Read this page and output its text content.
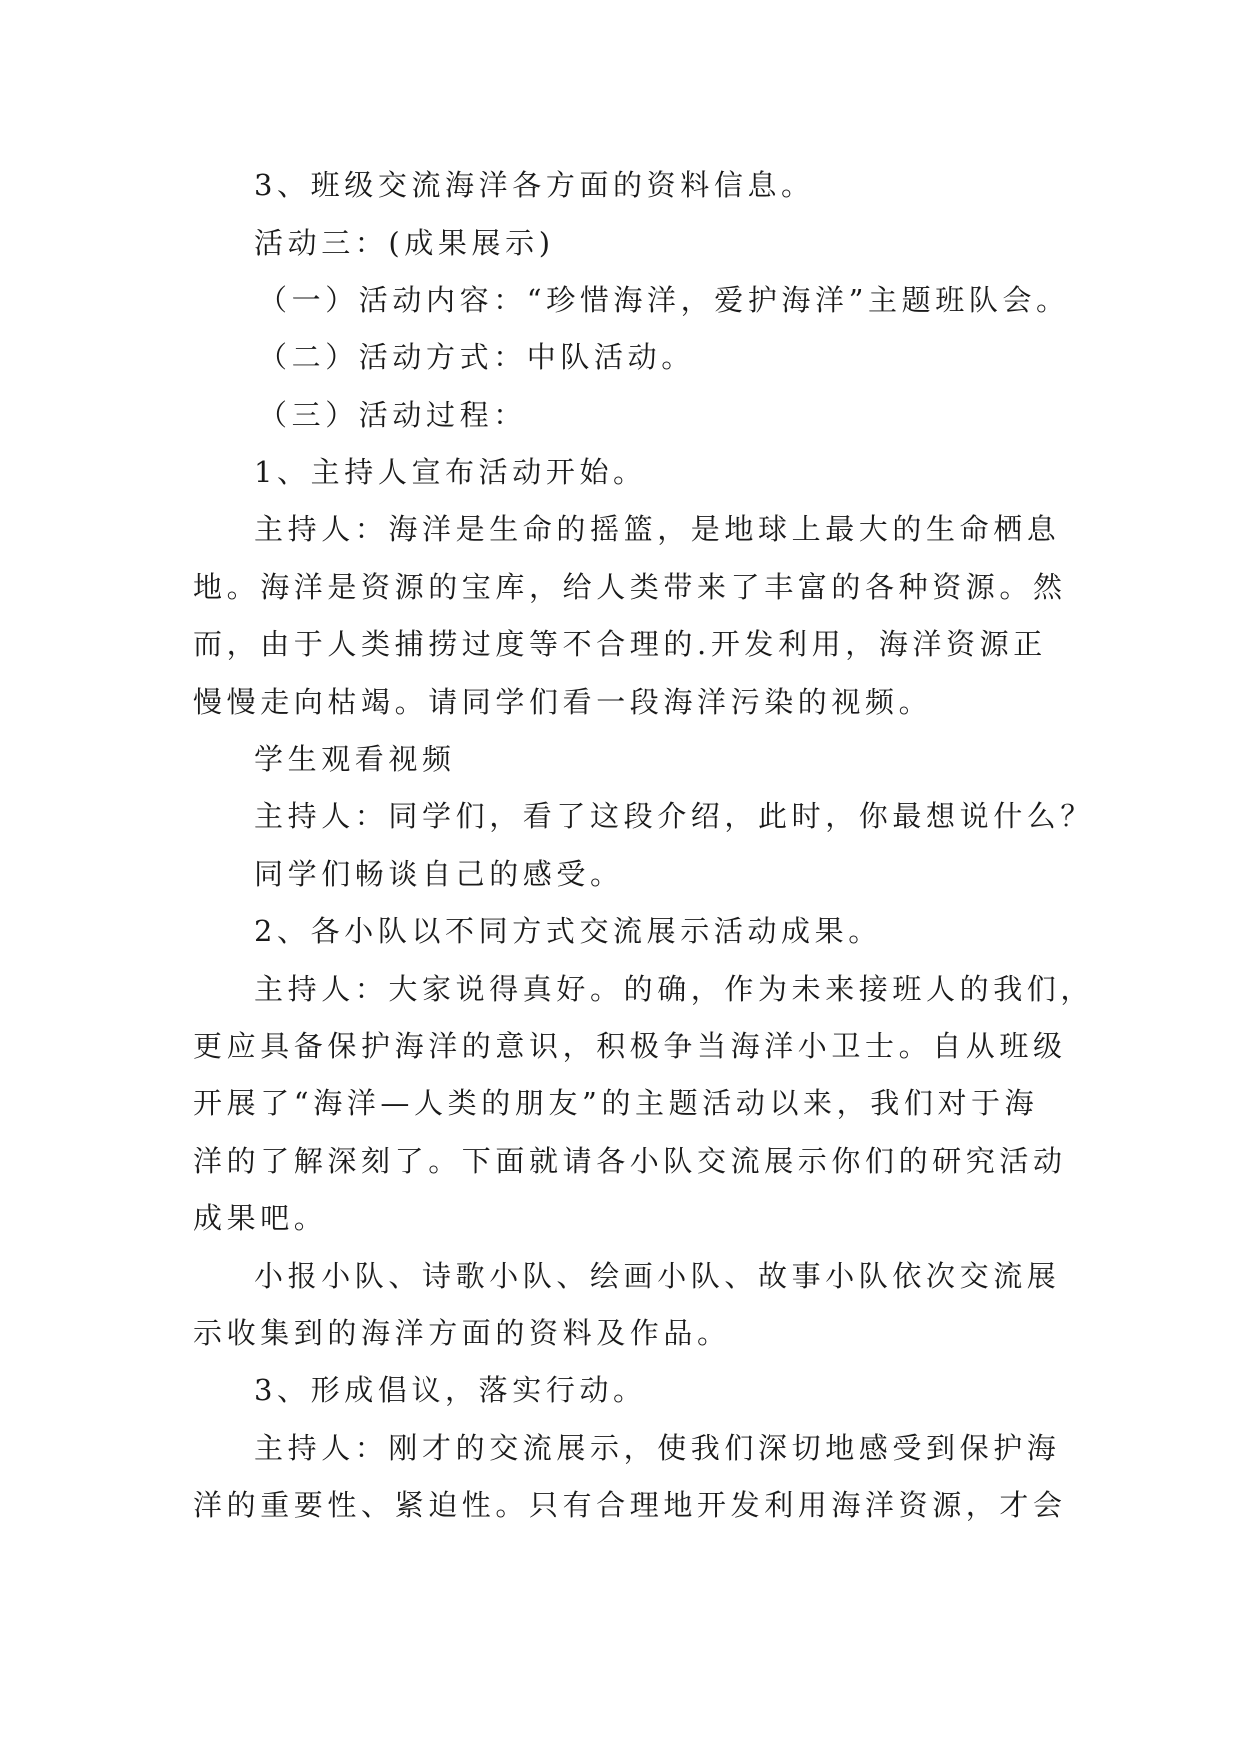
3、班级交流海洋各方面的资料信息。
活动三：(成果展示)
（一）活动内容：“珍惜海洋，爱护海洋”主题班队会。
（二）活动方式：中队活动。
（三）活动过程：
1、主持人宣布活动开始。
主持人：海洋是生命的摇篮，是地球上最大的生命栖息
地。海洋是资源的宝库，给人类带来了丰富的各种资源。然
而，由于人类捕捞过度等不合理的.开发利用，海洋资源正
慢慢走向枯竭。请同学们看一段海洋污染的视频。
学生观看视频
主持人：同学们，看了这段介绍，此时，你最想说什么？
同学们畅谈自己的感受。
2、各小队以不同方式交流展示活动成果。
主持人：大家说得真好。的确，作为未来接班人的我们，
更应具备保护海洋的意识，积极争当海洋小卫士。自从班级
开展了“海洋—人类的朋友”的主题活动以来，我们对于海
洋的了解深刻了。下面就请各小队交流展示你们的研究活动
成果吧。
小报小队、诗歌小队、绘画小队、故事小队依次交流展
示收集到的海洋方面的资料及作品。
3、形成倡议，落实行动。
主持人：刚才的交流展示，使我们深切地感受到保护海
洋的重要性、紧迫性。只有合理地开发利用海洋资源，才会
